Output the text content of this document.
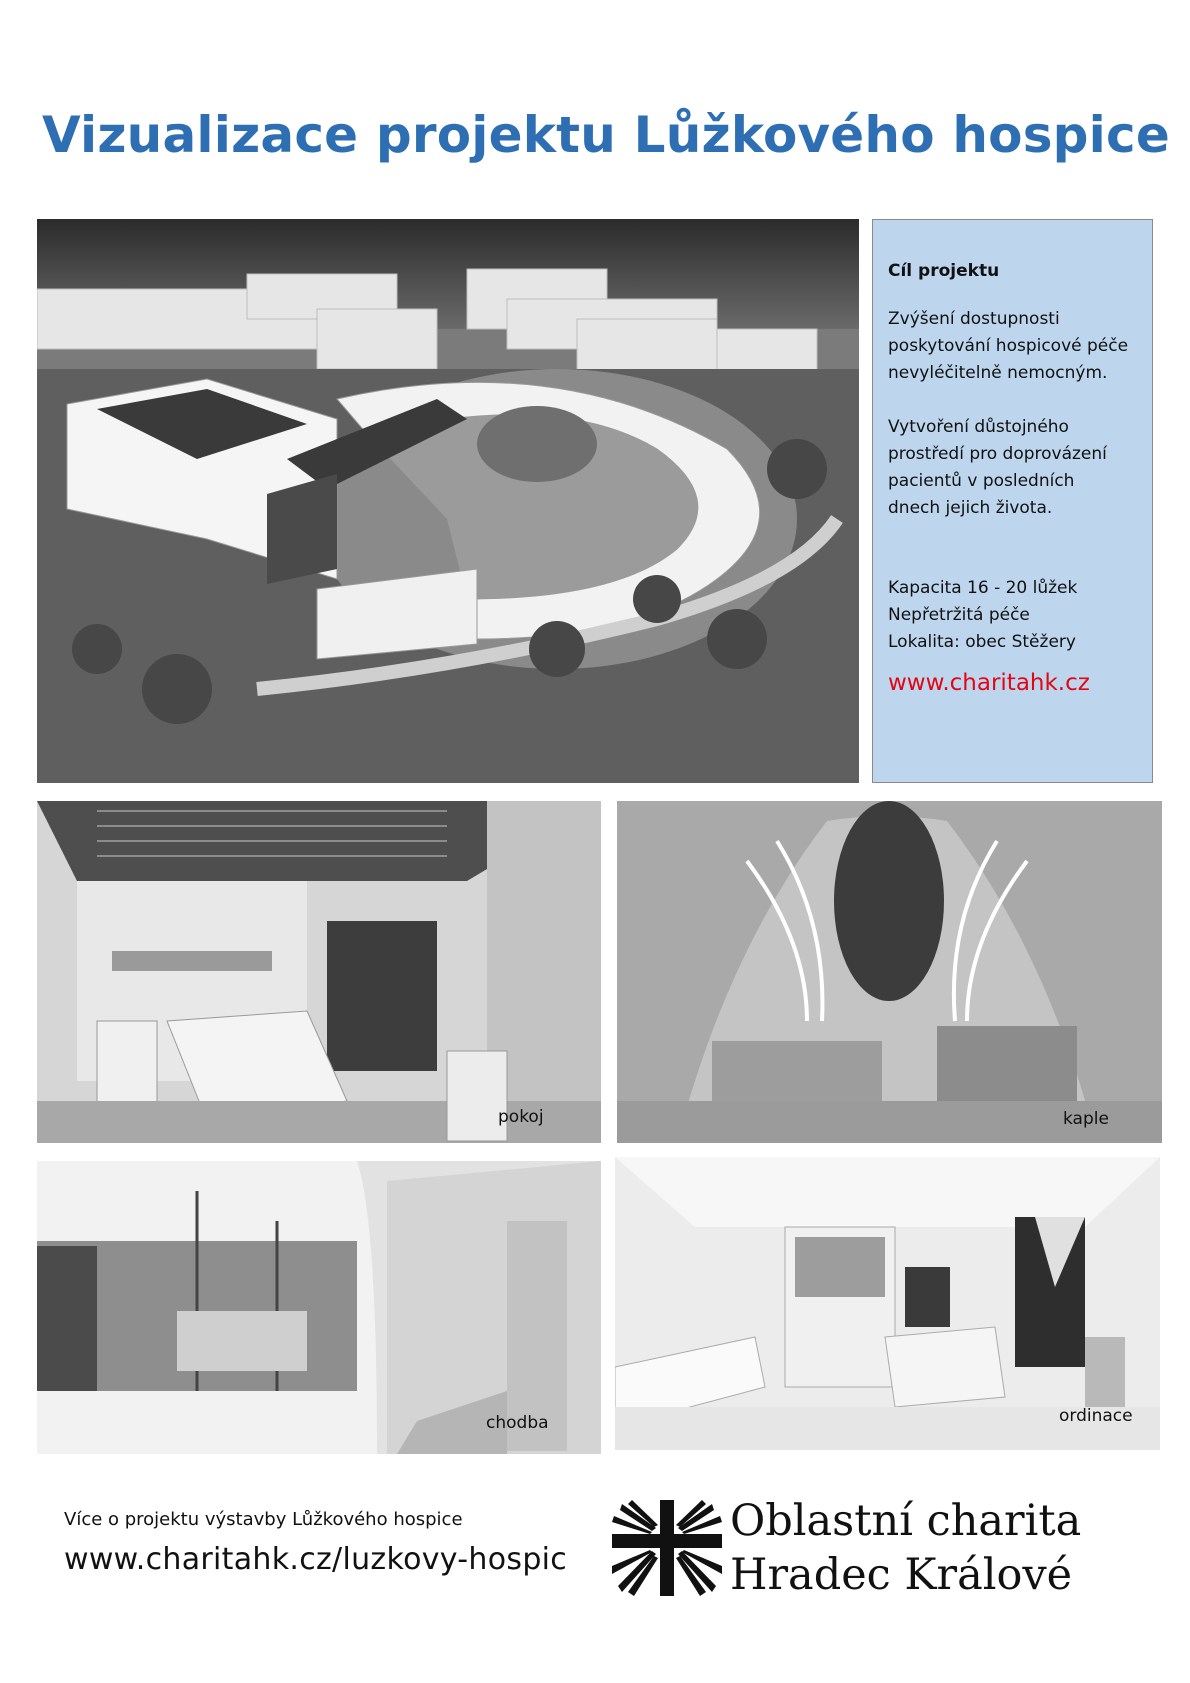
Vizualizace projektu Lůžkového hospice
Cíl projektu
Zvýšení dostupnosti
poskytování hospicové péče
nevyléčitelně nemocným.
Vytvoření důstojného
prostředí pro doprovázení
pacientů v posledních
dnech jejich života.
Kapacita 16 - 20 lůžek
Nepřetržitá péče
Lokalita: obec Stěžery
www.charitahk.cz
pokoj	kaple
chodba	ordinace
Více o projektu výstavby Lůžkového hospice
www.charitahk.cz/luzkovy-hospic
Oblastní charita
Hradec Králové
